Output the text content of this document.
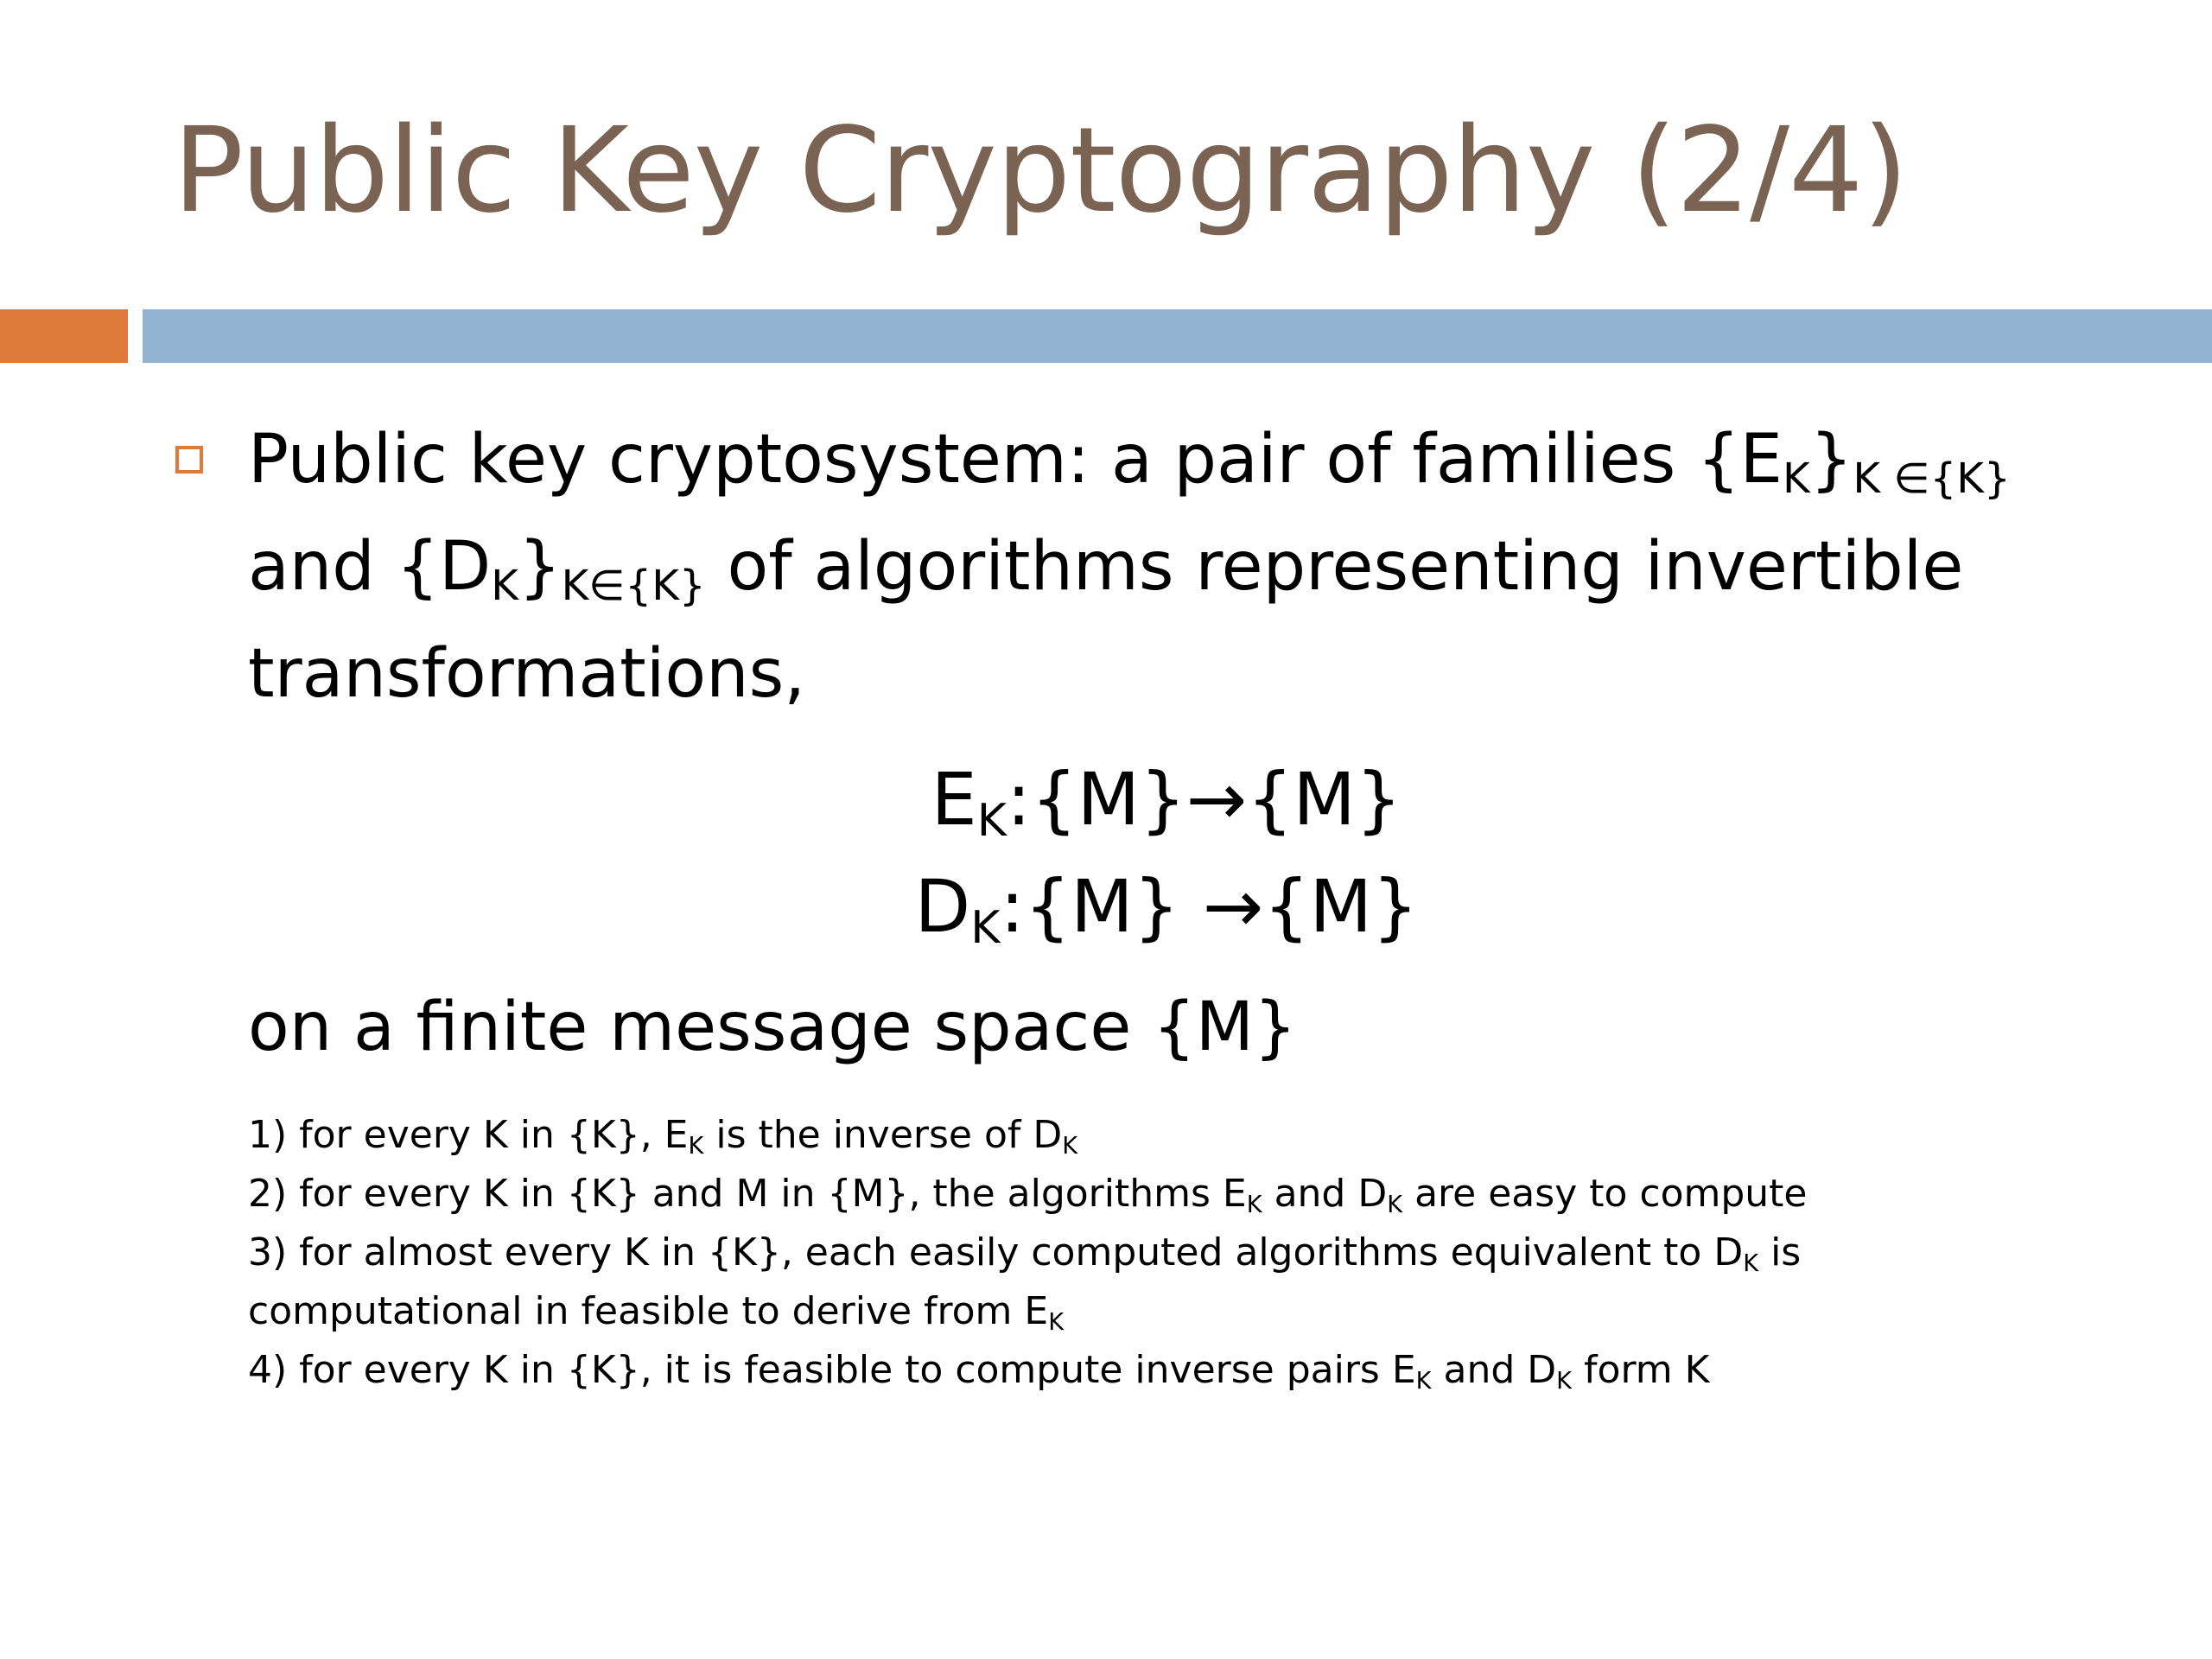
Public Key Cryptography (2/4)
Public key cryptosystem: a pair of families $\{E_K\}_{K \in\{K\}}$
and $\{D_K\}_{K\in\{K\}}$ of algorithms representing invertible
transformations,
$E_K:\{M\}\to\{M\}$
$D_K:\{M\} \to\{M\}$
on a finite message space {M}
1) for every K in {K}, $E_K$ is the inverse of $D_K$
2) for every K in {K} and M in {M}, the algorithms $E_K$ and $D_K$ are easy to compute
3) for almost every K in {K}, each easily computed algorithms equivalent to $D_K$ is
computational in feasible to derive from $E_K$
4) for every K in {K}, it is feasible to compute inverse pairs $E_K$ and $D_K$ form K
